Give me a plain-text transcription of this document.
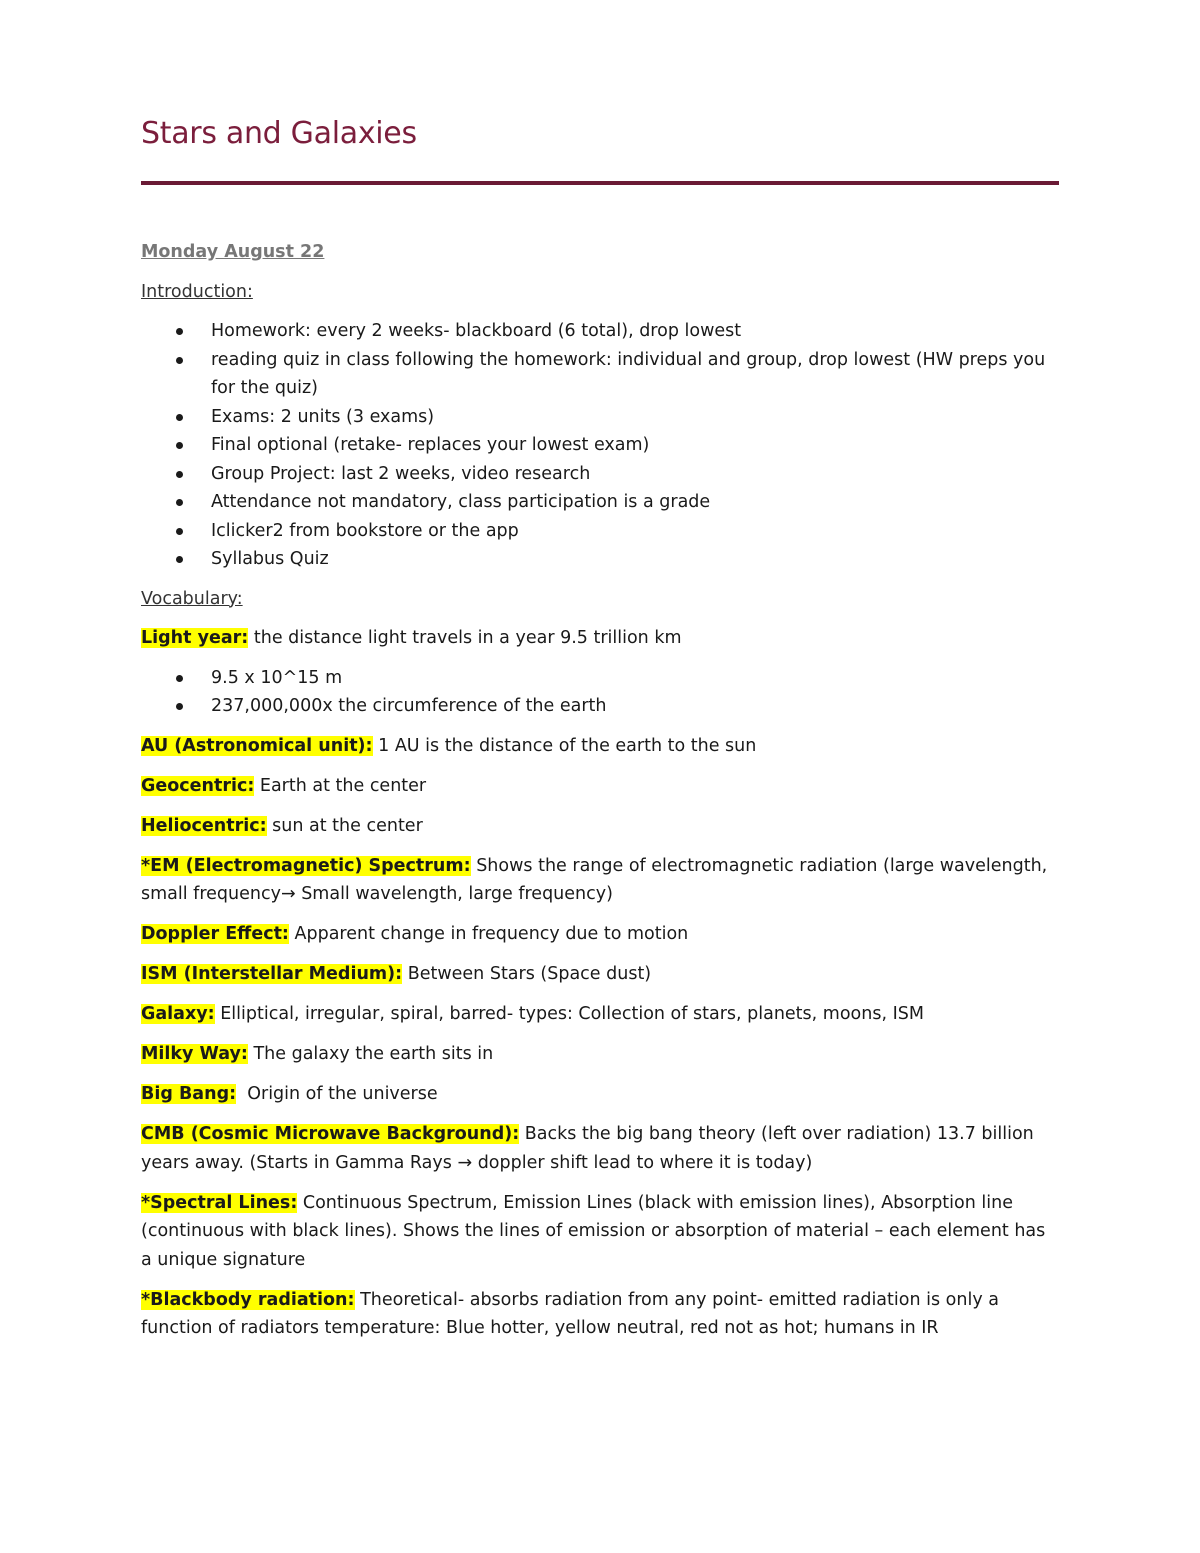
Stars and Galaxies
Monday August 22
Introduction:
Homework: every 2 weeks- blackboard (6 total), drop lowest
reading quiz in class following the homework: individual and group, drop lowest (HW preps you for the quiz)
Exams: 2 units (3 exams)
Final optional (retake- replaces your lowest exam)
Group Project: last 2 weeks, video research
Attendance not mandatory, class participation is a grade
Iclicker2 from bookstore or the app
Syllabus Quiz
Vocabulary:
Light year: the distance light travels in a year 9.5 trillion km
9.5 x 10^15 m
237,000,000x the circumference of the earth
AU (Astronomical unit): 1 AU is the distance of the earth to the sun
Geocentric: Earth at the center
Heliocentric: sun at the center
*EM (Electromagnetic) Spectrum: Shows the range of electromagnetic radiation (large wavelength, small frequency→ Small wavelength, large frequency)
Doppler Effect: Apparent change in frequency due to motion
ISM (Interstellar Medium): Between Stars (Space dust)
Galaxy: Elliptical, irregular, spiral, barred- types: Collection of stars, planets, moons, ISM
Milky Way: The galaxy the earth sits in
Big Bang:  Origin of the universe
CMB (Cosmic Microwave Background): Backs the big bang theory (left over radiation) 13.7 billion years away. (Starts in Gamma Rays → doppler shift lead to where it is today)
*Spectral Lines: Continuous Spectrum, Emission Lines (black with emission lines), Absorption line (continuous with black lines). Shows the lines of emission or absorption of material – each element has a unique signature
*Blackbody radiation: Theoretical- absorbs radiation from any point- emitted radiation is only a function of radiators temperature: Blue hotter, yellow neutral, red not as hot; humans in IR
